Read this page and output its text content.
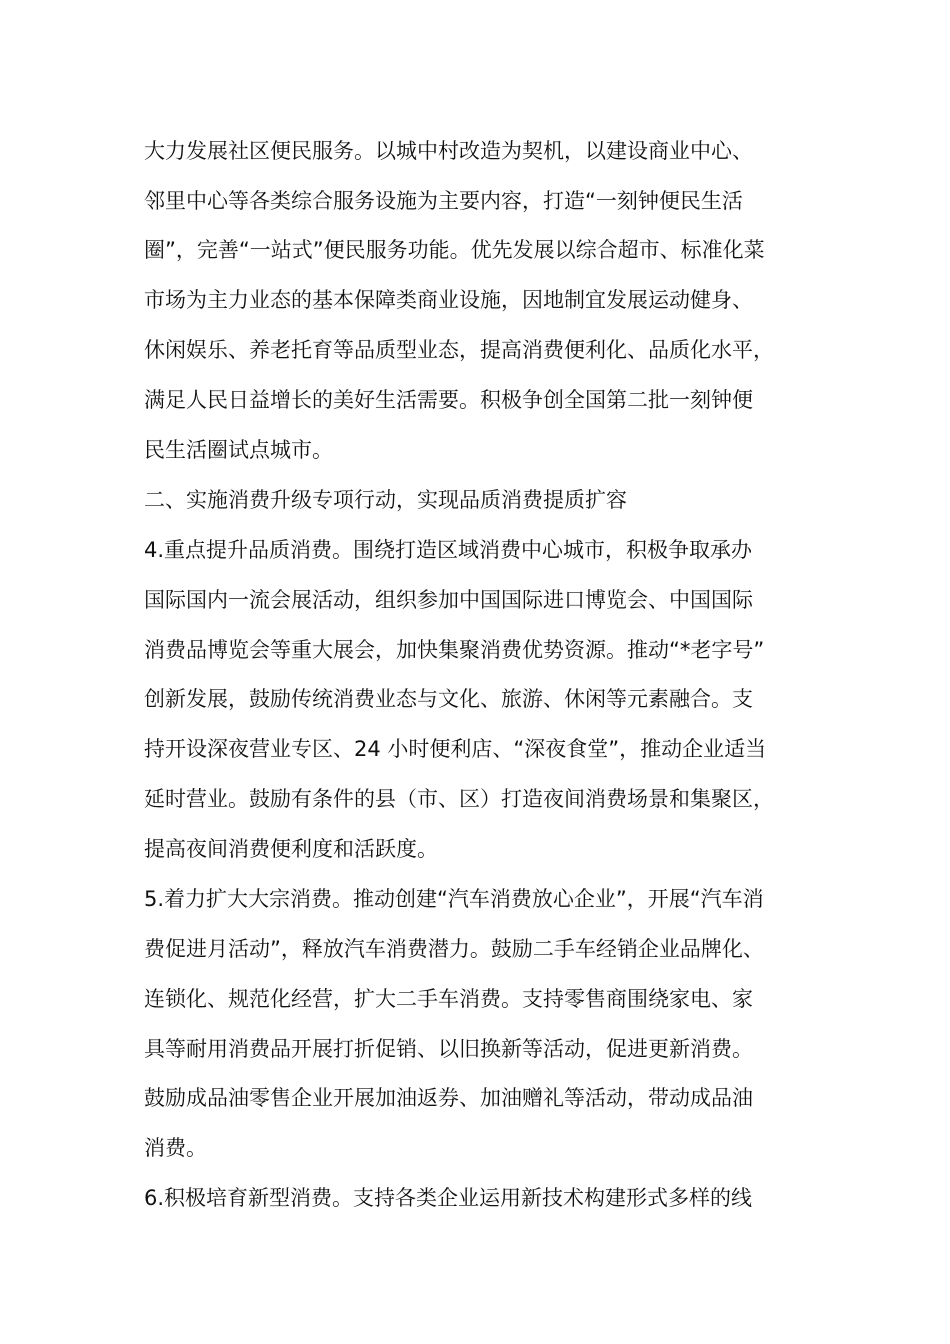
大力发展社区便民服务。以城中村改造为契机，以建设商业中心、
邻里中心等各类综合服务设施为主要内容，打造“一刻钟便民生活
圈”，完善“一站式”便民服务功能。优先发展以综合超市、标准化菜
市场为主力业态的基本保障类商业设施，因地制宜发展运动健身、
休闲娱乐、养老托育等品质型业态，提高消费便利化、品质化水平，
满足人民日益增长的美好生活需要。积极争创全国第二批一刻钟便
民生活圈试点城市。
二、实施消费升级专项行动，实现品质消费提质扩容
4.重点提升品质消费。围绕打造区域消费中心城市，积极争取承办
国际国内一流会展活动，组织参加中国国际进口博览会、中国国际
消费品博览会等重大展会，加快集聚消费优势资源。推动“*老字号”
创新发展，鼓励传统消费业态与文化、旅游、休闲等元素融合。支
持开设深夜营业专区、24 小时便利店、“深夜食堂”，推动企业适当
延时营业。鼓励有条件的县（市、区）打造夜间消费场景和集聚区，
提高夜间消费便利度和活跃度。
5.着力扩大大宗消费。推动创建“汽车消费放心企业”，开展“汽车消
费促进月活动”，释放汽车消费潜力。鼓励二手车经销企业品牌化、
连锁化、规范化经营，扩大二手车消费。支持零售商围绕家电、家
具等耐用消费品开展打折促销、以旧换新等活动，促进更新消费。
鼓励成品油零售企业开展加油返券、加油赠礼等活动，带动成品油
消费。
6.积极培育新型消费。支持各类企业运用新技术构建形式多样的线
